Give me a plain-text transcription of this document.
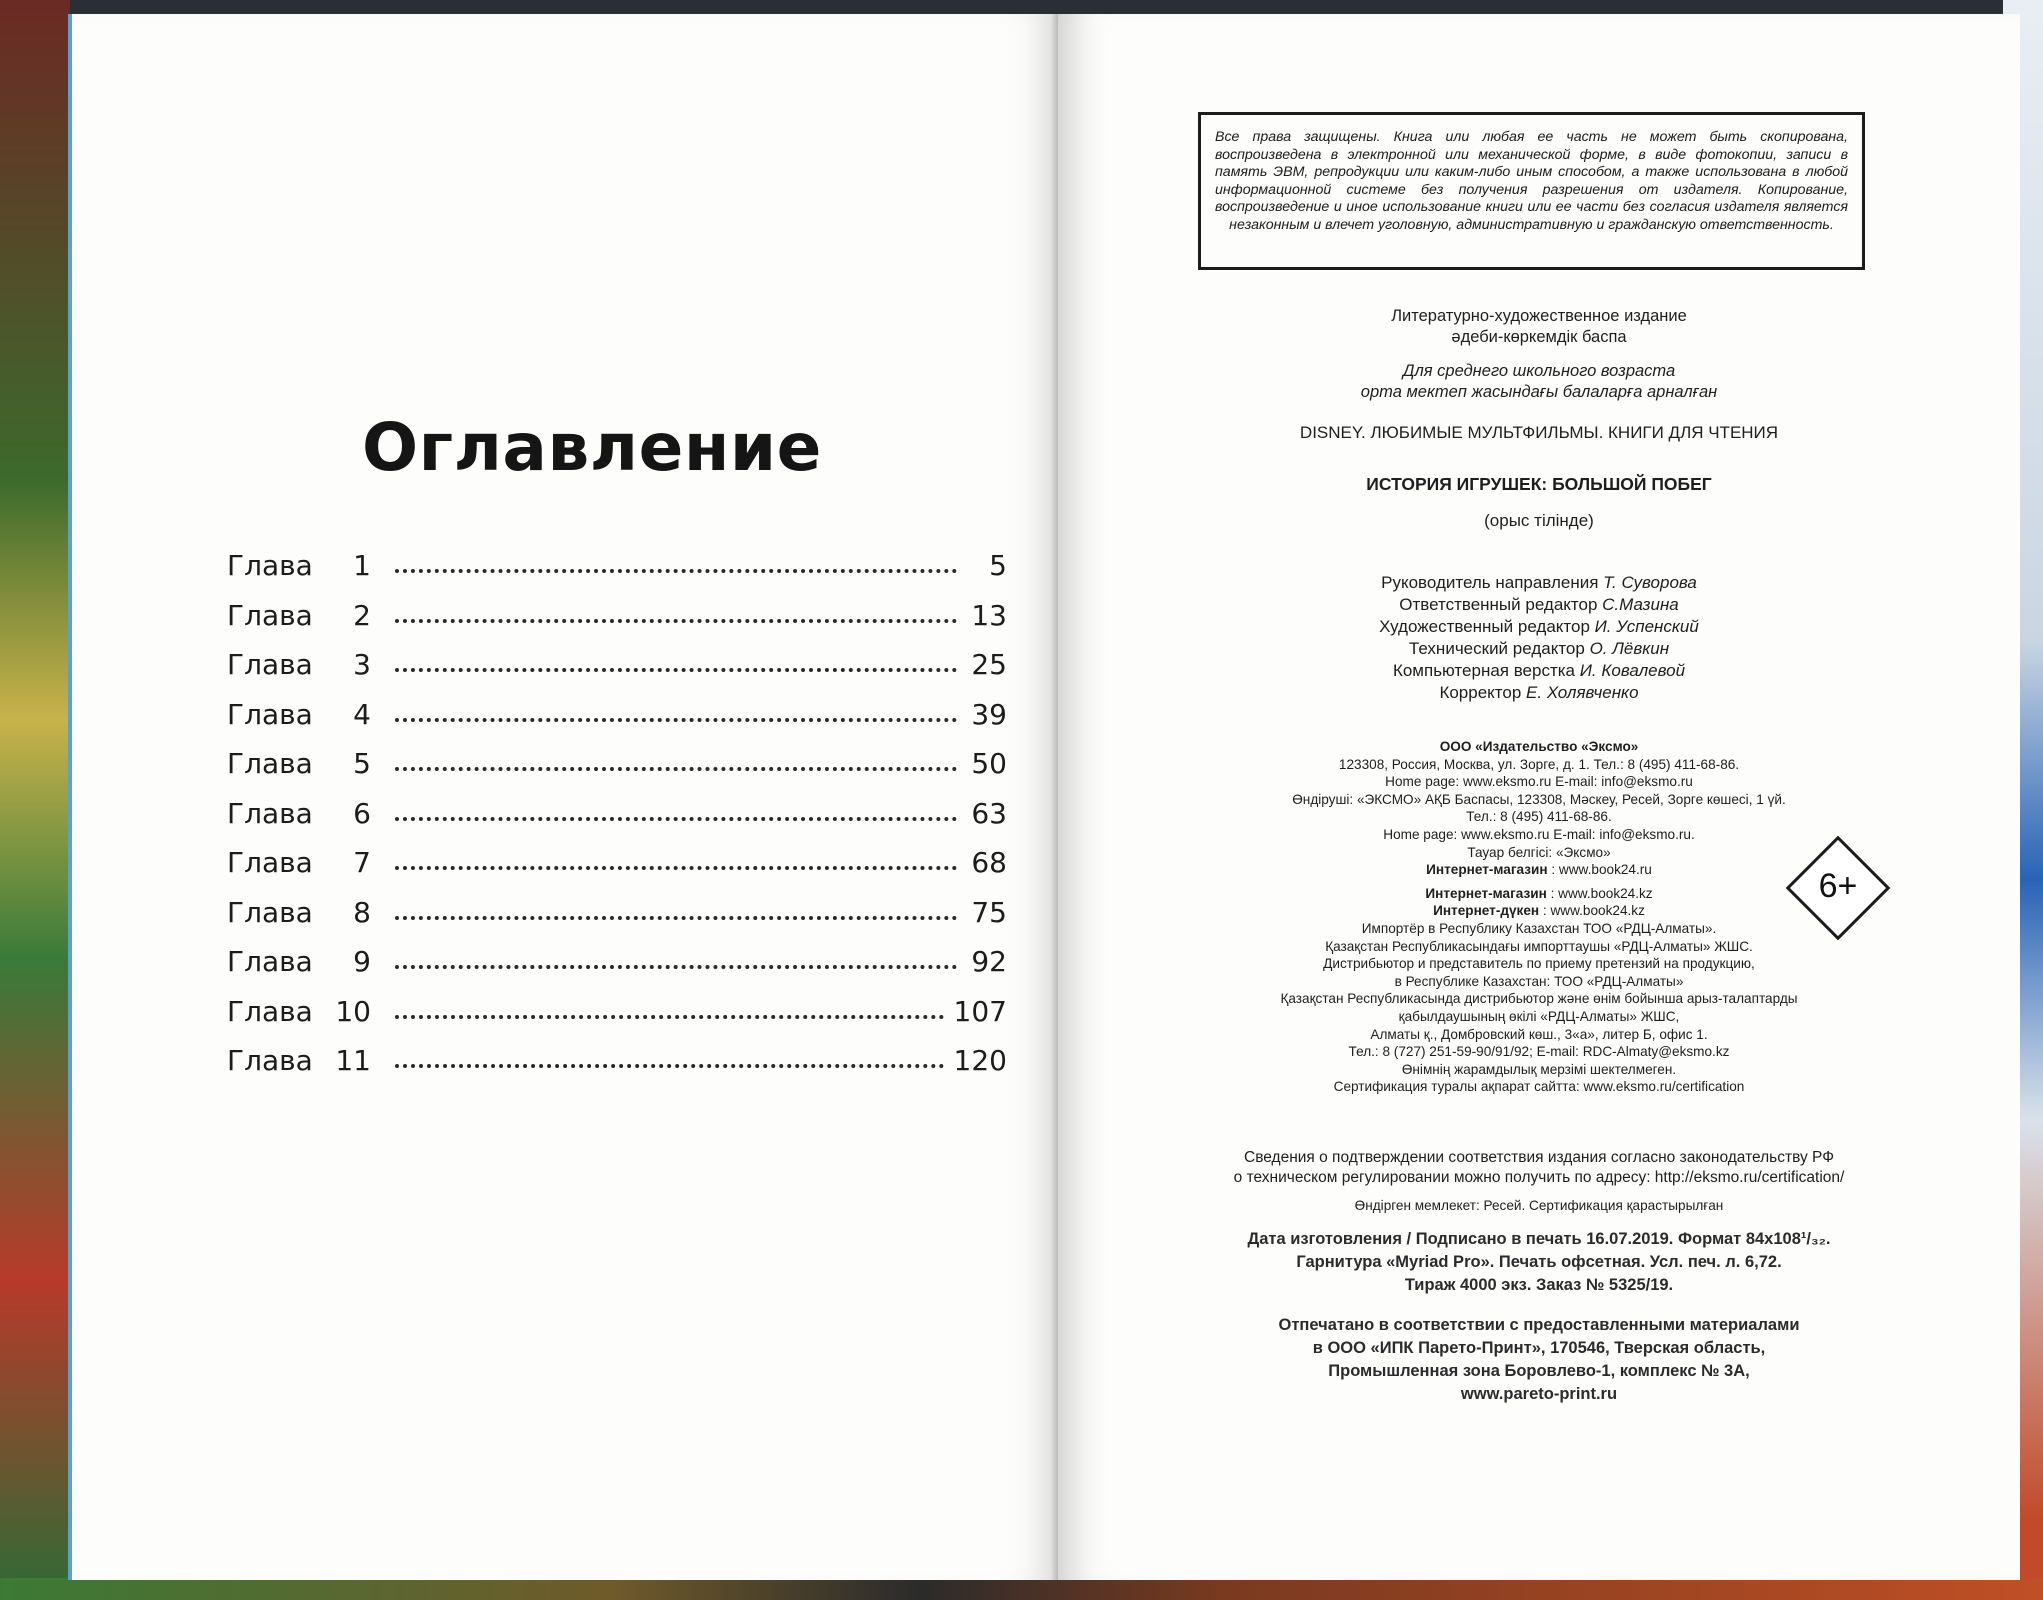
Оглавление
Глава	1	5
Глава	2	13
Глава	3	25
Глава	4	39
Глава	5	50
Глава	6	63
Глава	7	68
Глава	8	75
Глава	9	92
Глава 10	107
Глава 11	120
Все права защищены. Книга или любая ее часть не может быть скопирована, воспроизведена в электронной или механической форме, в виде фотокопии, записи в память ЭВМ, репродукции или каким-либо иным способом, а также использована в любой информационной системе без получения разрешения от издателя. Копирование, воспроизведение и иное использование книги или ее части без согласия издателя является незаконным и влечет уголовную, административную и гражданскую ответственность.
Литературно-художественное издание
әдеби-көркемдік баспа
Для среднего школьного возраста
орта мектеп жасындағы балаларға арналған
DISNEY. ЛЮБИМЫЕ МУЛЬТФИЛЬМЫ. КНИГИ ДЛЯ ЧТЕНИЯ
ИСТОРИЯ ИГРУШЕК: БОЛЬШОЙ ПОБЕГ
(орыс тілінде)
Руководитель направления Т. Суворова
Ответственный редактор С.Мазина
Художественный редактор И. Успенский
Технический редактор О. Лёвкин
Компьютерная верстка И. Ковалевой
Корректор Е. Холявченко
ООО «Издательство «Эксмо»
123308, Россия, Москва, ул. Зорге, д. 1. Тел.: 8 (495) 411-68-86.
Home page: www.eksmo.ru E-mail: info@eksmo.ru
Өндіруші: «ЭКСМО» АҚБ Баспасы, 123308, Мәскеу, Ресей, Зорге көшесі, 1 үй.
Тел.: 8 (495) 411-68-86.
Home page: www.eksmo.ru E-mail: info@eksmo.ru.
Тауар белгісі: «Эксмо»
Интернет-магазин : www.book24.ru
Интернет-магазин : www.book24.kz
Интернет-дүкен : www.book24.kz
Импортёр в Республику Казахстан ТОО «РДЦ-Алматы».
Қазақстан Республикасындағы импорттаушы «РДЦ-Алматы» ЖШС.
Дистрибьютор и представитель по приему претензий на продукцию,
в Республике Казахстан: ТОО «РДЦ-Алматы»
Қазақстан Республикасында дистрибьютор және өнім бойынша арыз-талаптарды
қабылдаушының өкілі «РДЦ-Алматы» ЖШС,
Алматы қ., Домбровский көш., 3«а», литер Б, офис 1.
Тел.: 8 (727) 251-59-90/91/92; E-mail: RDC-Almaty@eksmo.kz
Өнімнің жарамдылық мерзімі шектелмеген.
Сертификация туралы ақпарат сайтта: www.eksmo.ru/certification
Сведения о подтверждении соответствия издания согласно законодательству РФ
о техническом регулировании можно получить по адресу: http://eksmo.ru/certification/
Өндірген мемлекет: Ресей. Сертификация қарастырылған
Дата изготовления / Подписано в печать 16.07.2019. Формат 84x108¹/₃₂.
Гарнитура «Myriad Pro». Печать офсетная. Усл. печ. л. 6,72.
Тираж 4000 экз. Заказ № 5325/19.
Отпечатано в соответствии с предоставленными материалами
в ООО «ИПК Парето-Принт», 170546, Тверская область,
Промышленная зона Боровлево-1, комплекс № 3А,
www.pareto-print.ru
6+
